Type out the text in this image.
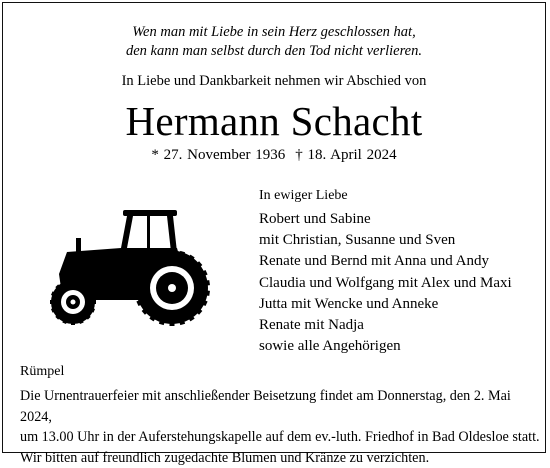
Wen man mit Liebe in sein Herz geschlossen hat,
den kann man selbst durch den Tod nicht verlieren.
In Liebe und Dankbarkeit nehmen wir Abschied von
Hermann Schacht
* 27. November 1936 † 18. April 2024
In ewiger Liebe
Robert und Sabine
mit Christian, Susanne und Sven
Renate und Bernd mit Anna und Andy
Claudia und Wolfgang mit Alex und Maxi
Jutta mit Wencke und Anneke
Renate mit Nadja
sowie alle Angehörigen
Rümpel
Die Urnentrauerfeier mit anschließender Beisetzung findet am Donnerstag, den 2. Mai 2024,
um 13.00 Uhr in der Auferstehungskapelle auf dem ev.-luth. Friedhof in Bad Oldesloe statt.
Wir bitten auf freundlich zugedachte Blumen und Kränze zu verzichten.
